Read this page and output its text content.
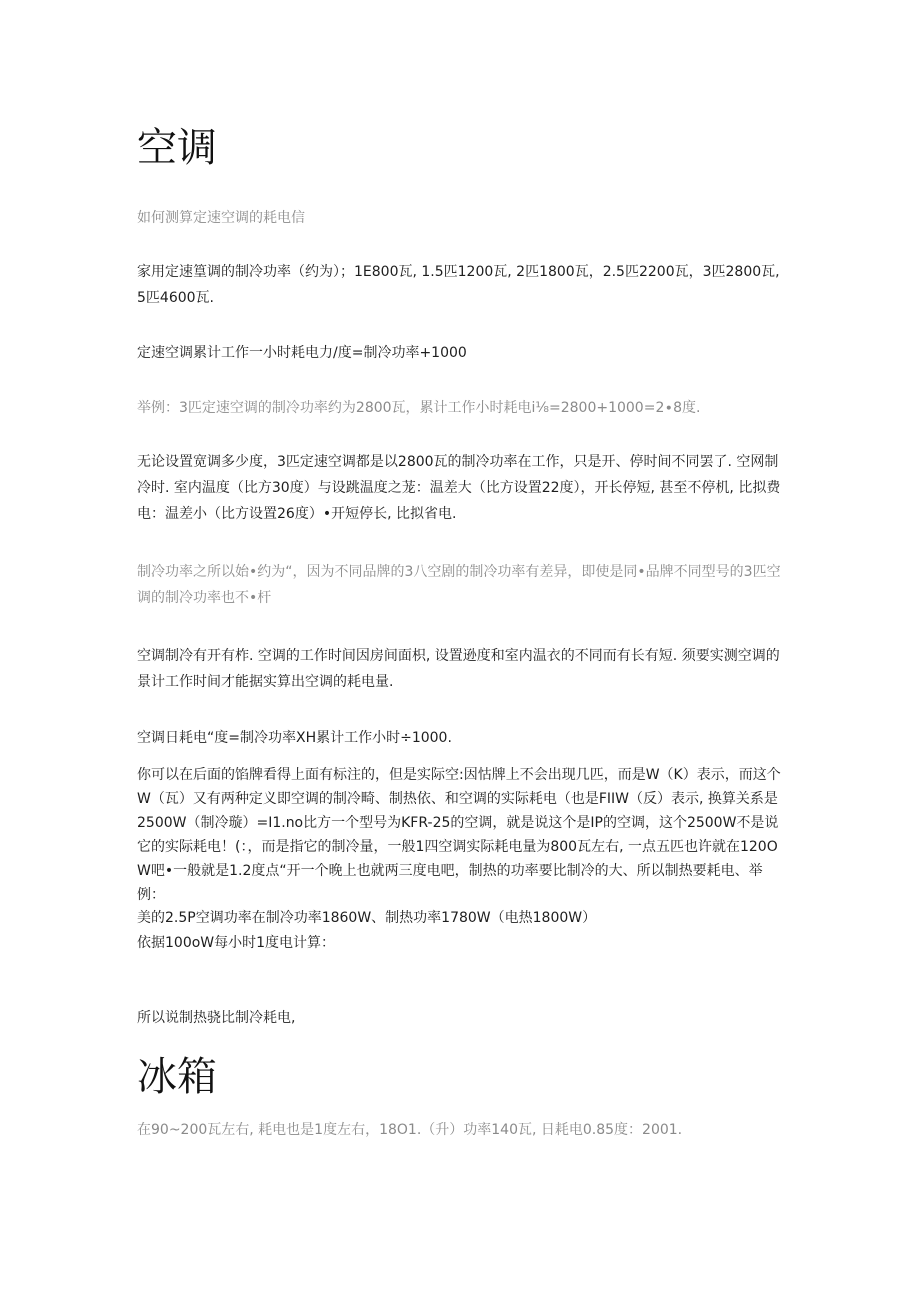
空调

如何测算定速空调的耗电信

家用定速篁调的制冷功率（约为）；1E800瓦, 1.5匹1200瓦, 2匹1800瓦，2.5匹2200瓦，3匹2800瓦, 5匹4600瓦.

定速空调累计工作一小时耗电力/度=制冷功率+1000

举例：3匹定速空调的制冷功率约为2800瓦，累计工作小时耗电i⅛=2800+1000=2∙8度.

无论设置宽调多少度，3匹定速空调都是以2800瓦的制冷功率在工作，只是开、停时间不同罢了. 空网制冷时. 室内温度（比方30度）与设跳温度之茏：温差大（比方设置22度），开长停短, 甚至不停机, 比拟费电：温差小（比方设置26度）•开短停长, 比拟省电.

制冷功率之所以始•约为“，因为不同品牌的3八空剧的制冷功率有差异，即使是同•品牌不同型号的3匹空调的制冷功率也不•杆

空调制冷有开有柞. 空调的工作时间因房间面枳, 设置逊度和室内温衣的不同而有长有短. 须要实测空调的景计工作时间才能据实算出空调的耗电量.

空调日耗电“度=制冷功率XH累计工作小时÷1000.

你可以在后面的馅牌看得上面有标注的，但是实际空:因怙牌上不会出现几匹，而是W（K）表示，而这个W（瓦）又有两种定义即空调的制冷畸、制热依、和空调的实际耗电（也是FIIW（反）表示, 换算关系是2500W（制冷璇）=I1.no比方一个型号为KFR-25的空调，就是说这个是IP的空调，这个2500W不是说它的实际耗电！(：，而是指它的制冷量，一般1四空调实际耗电量为800瓦左右, 一点五匹也许就在120OW吧•一般就是1.2度点“开一个晚上也就两三度电吧，制热的功率要比制冷的大、所以制热要耗电、举例：

美的2.5P空调功率在制冷功率1860W、制热功率1780W（电热1800W）

依据100oW每小时1度电计算：

所以说制热骁比制冷耗电,

冰箱

在90~200瓦左右, 耗电也是1度左右，18O1.（升）功率140瓦, 日耗电0.85度：2001.
